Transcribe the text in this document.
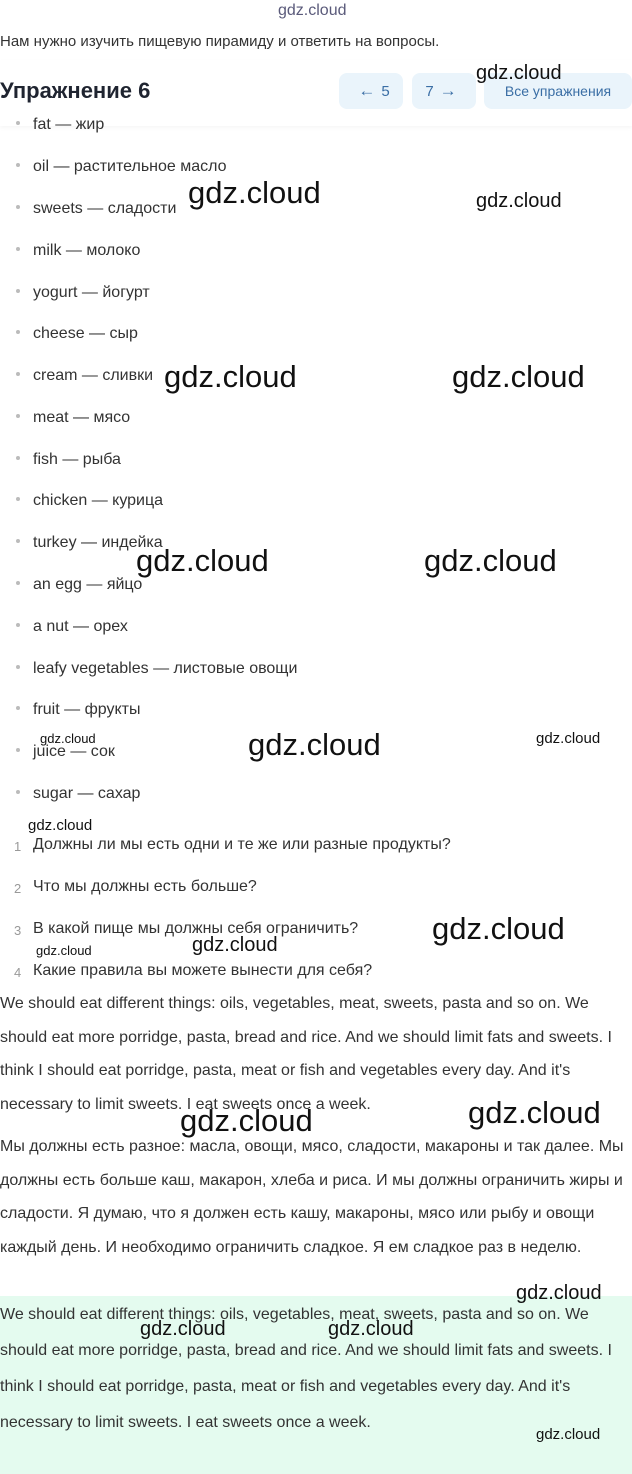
gdz.cloud
Нам нужно изучить пищевую пирамиду и ответить на вопросы.
Упражнение 6	← 5 7 →	Все упражнения
fat — жир
oil — растительное масло
sweets — сладости
milk — молоко
yogurt — йогурт
cheese — сыр
cream — сливки
meat — мясо
fish — рыба
chicken — курица
turkey — индейка
an egg — яйцо
a nut — орех
leafy vegetables — листовые овощи
fruit — фрукты
juice — сок
sugar — сахар
1 Должны ли мы есть одни и те же или разные продукты?
2 Что мы должны есть больше?
3 В какой пище мы должны себя ограничить?
4 Какие правила вы можете вынести для себя?
We should eat different things: oils, vegetables, meat, sweets, pasta and so on. We should eat more porridge, pasta, bread and rice. And we should limit fats and sweets. I think I should eat porridge, pasta, meat or fish and vegetables every day. And it's necessary to limit sweets. I eat sweets once a week.
Мы должны есть разное: масла, овощи, мясо, сладости, макароны и так далее. Мы должны есть больше каш, макарон, хлеба и риса. И мы должны ограничить жиры и сладости. Я думаю, что я должен есть кашу, макароны, мясо или рыбу и овощи каждый день. И необходимо ограничить сладкое. Я ем сладкое раз в неделю.
We should eat different things: oils, vegetables, meat, sweets, pasta and so on. We should eat more porridge, pasta, bread and rice. And we should limit fats and sweets. I think I should eat porridge, pasta, meat or fish and vegetables every day. And it's necessary to limit sweets. I eat sweets once a week.
gdz.cloud
gdz.cloud	gdz.cloud
gdz.cloud	gdz.cloud
gdz.cloud	gdz.cloud
gdz.cloud	gdz.cloud	gdz.cloud
gdz.cloud
gdz.cloud
gdz.cloud	gdz.cloud
gdz.cloud
gdz.cloud
gdz.cloud
gdz.cloud	gdz.cloud
gdz.cloud
